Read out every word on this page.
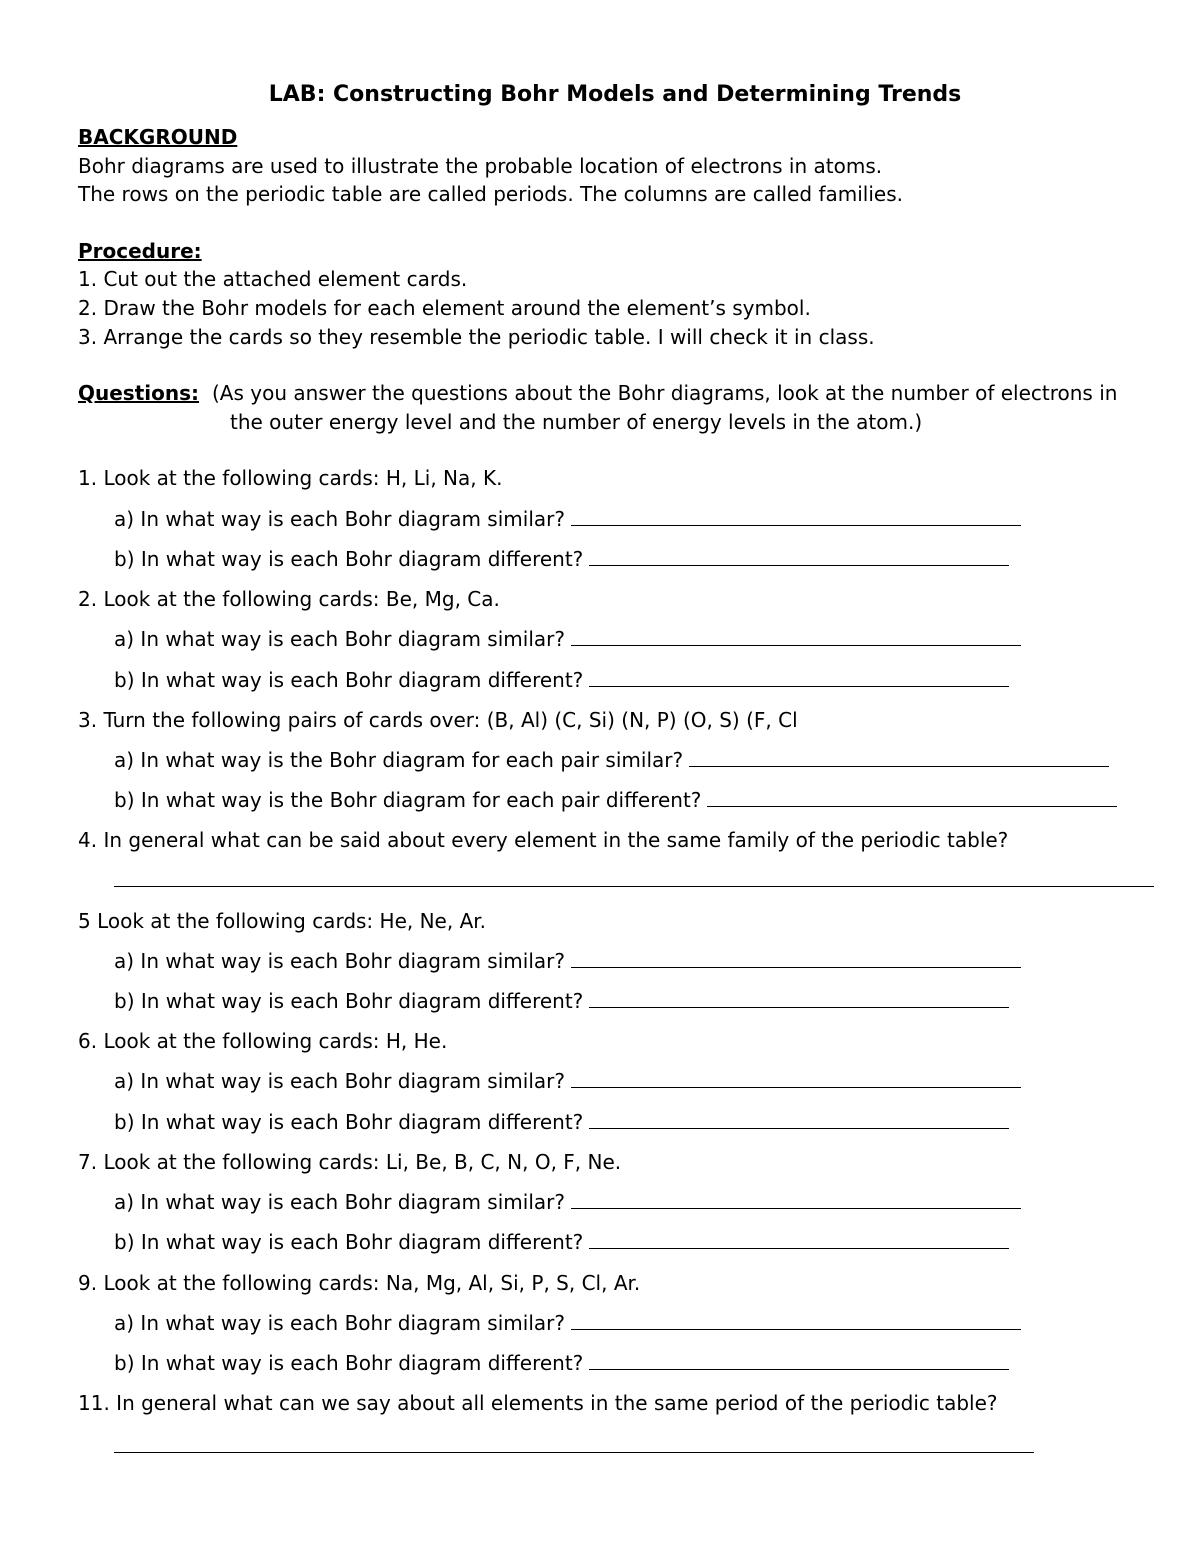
LAB: Constructing Bohr Models and Determining Trends
BACKGROUND
Bohr diagrams are used to illustrate the probable location of electrons in atoms.
The rows on the periodic table are called periods. The columns are called families.
Procedure:
1. Cut out the attached element cards.
2. Draw the Bohr models for each element around the element’s symbol.
3. Arrange the cards so they resemble the periodic table. I will check it in class.
Questions: (As you answer the questions about the Bohr diagrams, look at the number of electrons in
the outer energy level and the number of energy levels in the atom.)
1. Look at the following cards: H, Li, Na, K.
a) In what way is each Bohr diagram similar?
b) In what way is each Bohr diagram different?
2. Look at the following cards: Be, Mg, Ca.
a) In what way is each Bohr diagram similar?
b) In what way is each Bohr diagram different?
3. Turn the following pairs of cards over: (B, Al) (C, Si) (N, P) (O, S) (F, Cl
a) In what way is the Bohr diagram for each pair similar?
b) In what way is the Bohr diagram for each pair different?
4. In general what can be said about every element in the same family of the periodic table?
5 Look at the following cards: He, Ne, Ar.
a) In what way is each Bohr diagram similar?
b) In what way is each Bohr diagram different?
6. Look at the following cards: H, He.
a) In what way is each Bohr diagram similar?
b) In what way is each Bohr diagram different?
7. Look at the following cards: Li, Be, B, C, N, O, F, Ne.
a) In what way is each Bohr diagram similar?
b) In what way is each Bohr diagram different?
9. Look at the following cards: Na, Mg, Al, Si, P, S, Cl, Ar.
a) In what way is each Bohr diagram similar?
b) In what way is each Bohr diagram different?
11. In general what can we say about all elements in the same period of the periodic table?
